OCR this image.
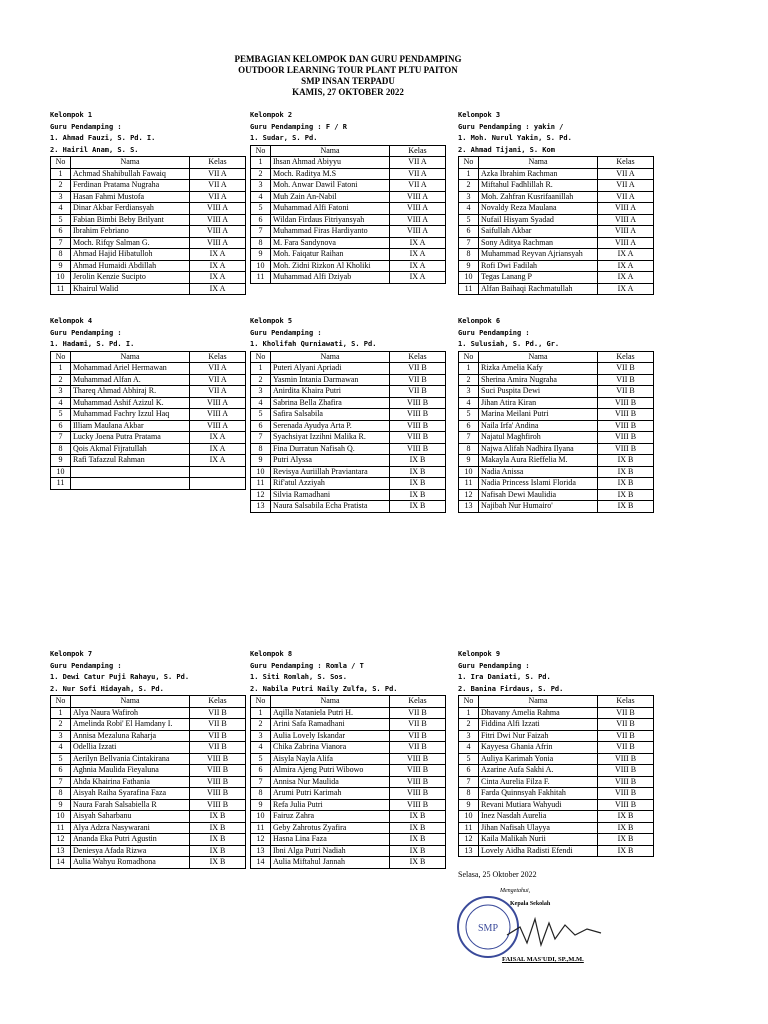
PEMBAGIAN KELOMPOK DAN GURU PENDAMPING
OUTDOOR LEARNING TOUR PLANT PLTU PAITON
SMP INSAN TERPADU
KAMIS, 27 OKTOBER 2022
Kelompok 1
Guru Pendamping :
1. Ahmad Fauzi, S. Pd. I.
2. Hairil Anam, S. S.
No	Nama	Kelas
1	Achmad Shahibullah Fawaiq	VII A
2	Ferdinan Pratama Nugraha	VII A
3	Hasan Fahmi Mustofa	VII A
4	Dinar Akbar Ferdiansyah	VIII A
5	Fabian Bimbi Beby Brilyant	VIII A
6	Ibrahim Febriano	VIII A
7	Moch. Rifqy Salman G.	VIII A
8	Ahmad Hajid Hibatulloh	IX A
9	Ahmad Humaidi Abdillah	IX A
10	Jerolin Kenzie Sucipto	IX A
11	Khairul Walid	IX A
Kelompok 2
Guru Pendamping : F / R
1. Sudar, S. Pd.
No	Nama	Kelas
1	Ihsan Ahmad Abiyyu	VII A
2	Moch. Raditya M.S	VII A
3	Moh. Anwar Dawil Fatoni	VII A
4	Muh Zain An-Nabil	VIII A
5	Muhammad Alfi Fatoni	VIII A
6	Wildan Firdaus Fitriyansyah	VIII A
7	Muhammad Firas Hardiyanto	VIII A
8	M. Fara Sandynova	IX A
9	Moh. Faiqatur Raihan	IX A
10	Moh. Zidni Rizkon Al Kholiki	IX A
11	Muhammad Alfi Dziyab	IX A
Kelompok 3
Guru Pendamping : yakin /
1. Moh. Nurul Yakin, S. Pd.
2. Ahmad Tijani, S. Kom
No	Nama	Kelas
1	Azka Ibrahim Rachman	VII A
2	Miftahul Fadhlillah R.	VII A
3	Moh. Zahfran Kusrifaanillah	VII A
4	Novaldy Reza Maulana	VIII A
5	Nufail Hisyam Syadad	VIII A
6	Saifullah Akbar	VIII A
7	Sony Aditya Rachman	VIII A
8	Muhammad Reyvan Ajriansyah	IX A
9	Rofi Dwi Fadilah	IX A
10	Tegas Lanang P	IX A
11	Alfan Baihaqi Rachmatullah	IX A
Kelompok 4
Guru Pendamping :
1. Hadami, S. Pd. I.
No	Nama	Kelas
1	Mohammad Ariel Hermawan	VII A
2	Muhammad Alfan A.	VII A
3	Thareq Ahmad Abhiraj R.	VII A
4	Muhammad Ashif Azizul K.	VIII A
5	Muhammad Fachry Izzul Haq	VIII A
6	Illiam Maulana Akbar	VIII A
7	Lucky Joena Putra Pratama	IX A
8	Qois Akmal Fijratullah	IX A
9	Rafi Tafazzul Rahman	IX A
10		
11		
Kelompok 5
Guru Pendamping :
1. Kholifah Qurniawati, S. Pd.
No	Nama	Kelas
1	Puteri Alyani Apriadi	VII B
2	Yasmin Intania Darmawan	VII B
3	Anirdita Khaira Putri	VII B
4	Sabrina Bella Zhafira	VIII B
5	Safira Salsabila	VIII B
6	Serenada Ayudya Arta P.	VIII B
7	Syachsiyat Izzihni Malika R.	VIII B
8	Fina Durratun Nafisah Q.	VIII B
9	Putri Alyssa	IX B
10	Revisya Auriillah Praviantara	IX B
11	Rif'atul Azziyah	IX B
12	Silvia Ramadhani	IX B
13	Naura Salsabila Echa Pratista	IX B
Kelompok 6
Guru Pendamping :
1. Sulusiah, S. Pd., Gr.
No	Nama	Kelas
1	Rizka Amelia Kafy	VII B
2	Sherina Amira Nugraha	VII B
3	Suci Puspita Dewi	VII B
4	Jihan Atira Kiran	VIII B
5	Marina Meilani Putri	VIII B
6	Naila Irfa' Andina	VIII B
7	Najatul Maghfiroh	VIII B
8	Najwa Alifah Nadhira Ilyana	VIII B
9	Makayla Aura Rieffelia M.	IX B
10	Nadia Anissa	IX B
11	Nadia Princess Islami Florida	IX B
12	Nafisah Dewi Maulidia	IX B
13	Najibah Nur Humairo'	IX B
Kelompok 7
Guru Pendamping :
1. Dewi Catur Puji Rahayu, S. Pd.
2. Nur Sofi Hidayah, S. Pd.
No	Nama	Kelas
1	Alya Naura Wafiroh	VII B
2	Amelinda Robi' El Hamdany I.	VII B
3	Annisa Mezaluna Raharja	VII B
4	Odellia Izzati	VII B
5	Aerilyn Bellvania Cintakirana	VIII B
6	Aghnia Maulida Fieyaluna	VIII B
7	Ahda Khairina Fathania	VIII B
8	Aisyah Raiha Syarafina Faza	VIII B
9	Naura Farah Salsabiella R	VIII B
10	Aisyah Saharbanu	IX B
11	Alya Adzra Nasywarani	IX B
12	Ananda Eka Putri Agustin	IX B
13	Deniesya Afada Rizwa	IX B
14	Aulia Wahyu Romadhona	IX B
Kelompok 8
Guru Pendamping : Romla / T
1. Siti Romlah, S. Sos.
2. Nabila Putri Naily Zulfa, S. Pd.
No	Nama	Kelas
1	Aqilla Nataniela Putri H.	VII B
2	Arini Safa Ramadhani	VII B
3	Aulia Lovely Iskandar	VII B
4	Chika Zabrina Vianora	VII B
5	Aisyla Nayla Alifa	VIII B
6	Almira Ajeng Putri Wibowo	VIII B
7	Annisa Nur Maulida	VIII B
8	Arumi Putri Karimah	VIII B
9	Refa Julia Putri	VIII B
10	Fairuz Zahra	IX B
11	Geby Zahrotus Zyafira	IX B
12	Hasna Lina Faza	IX B
13	Ibni Alga Putri Nadiah	IX B
14	Aulia Miftahul Jannah	IX B
Kelompok 9
Guru Pendamping :
1. Ira Daniati, S. Pd.
2. Banina Firdaus, S. Pd.
No	Nama	Kelas
1	Dhavany Amelia Rahma	VII B
2	Fiddina Alfi Izzati	VII B
3	Fitri Dwi Nur Faizah	VII B
4	Kayyesa Ghania Afrin	VII B
5	Auliya Karimah Yonia	VIII B
6	Azarine Aufa Sakhi A.	VIII B
7	Cinta Aurelia Filza F.	VIII B
8	Farda Quinnsyah Fakhitah	VIII B
9	Revani Mutiara Wahyudi	VIII B
10	Inez Nasdah Aurelia	IX B
11	Jihan Nafisah Ulayya	IX B
12	Kaila Malikah Nurii	IX B
13	Lovely Aidha Radisti Efendi	IX B
Selasa, 25 Oktober 2022
Mengetahui,
Kepala Sekolah
FAISAL MAS'UDI, SP.,M.M.
SMP
